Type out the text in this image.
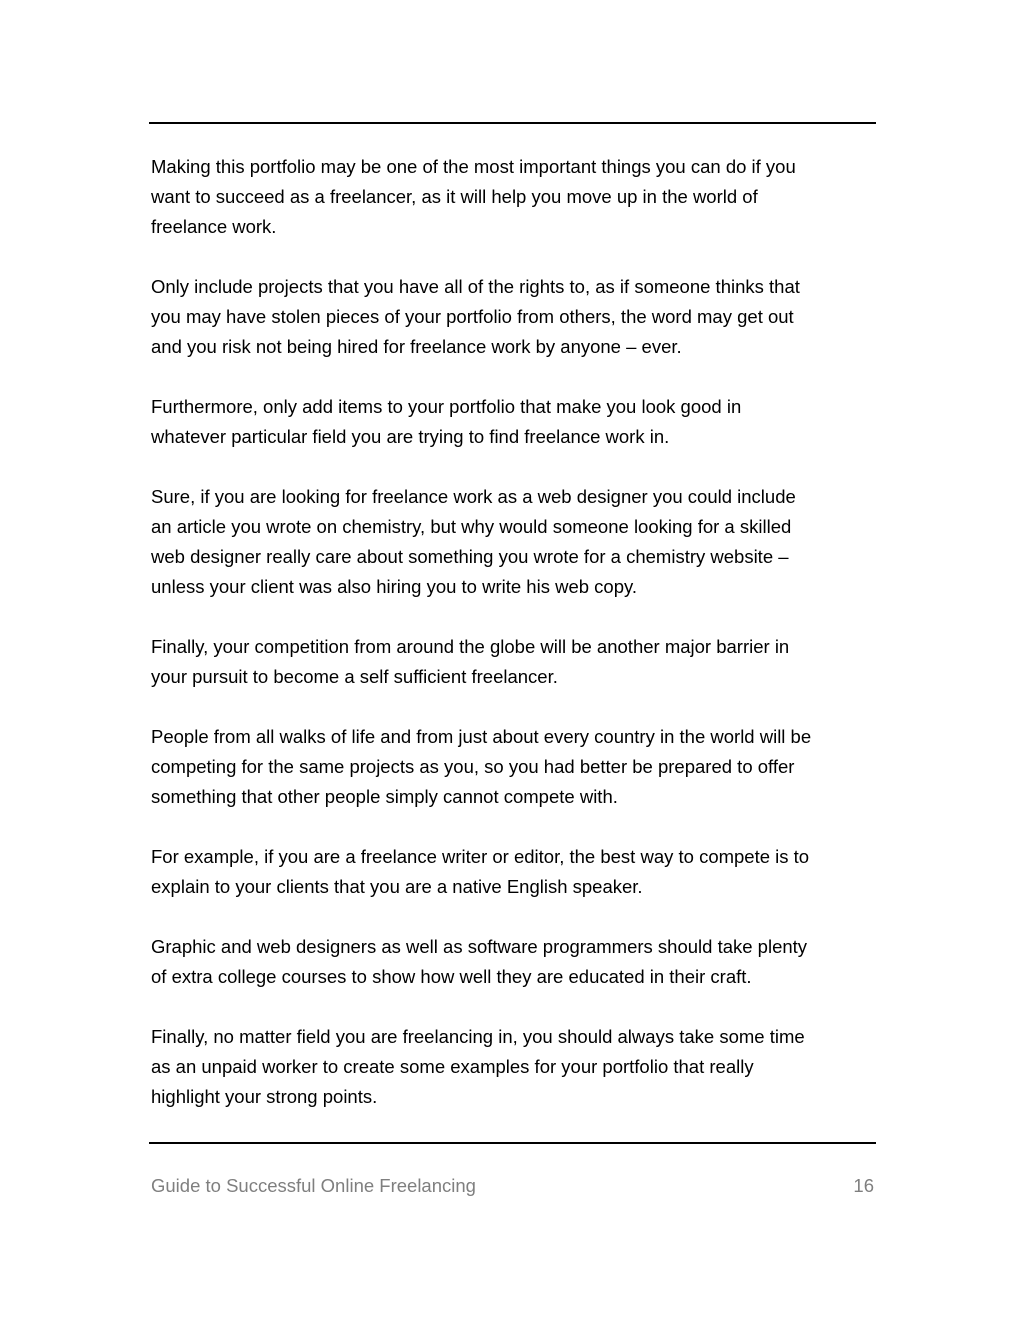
Making this portfolio may be one of the most important things you can do if you
want to succeed as a freelancer, as it will help you move up in the world of
freelance work.

Only include projects that you have all of the rights to, as if someone thinks that
you may have stolen pieces of your portfolio from others, the word may get out
and you risk not being hired for freelance work by anyone – ever.

Furthermore, only add items to your portfolio that make you look good in
whatever particular field you are trying to find freelance work in.

Sure, if you are looking for freelance work as a web designer you could include
an article you wrote on chemistry, but why would someone looking for a skilled
web designer really care about something you wrote for a chemistry website –
unless your client was also hiring you to write his web copy.

Finally, your competition from around the globe will be another major barrier in
your pursuit to become a self sufficient freelancer.

People from all walks of life and from just about every country in the world will be
competing for the same projects as you, so you had better be prepared to offer
something that other people simply cannot compete with.

For example, if you are a freelance writer or editor, the best way to compete is to
explain to your clients that you are a native English speaker.

Graphic and web designers as well as software programmers should take plenty
of extra college courses to show how well they are educated in their craft.

Finally, no matter field you are freelancing in, you should always take some time
as an unpaid worker to create some examples for your portfolio that really
highlight your strong points.

Guide to Successful Online Freelancing	16
